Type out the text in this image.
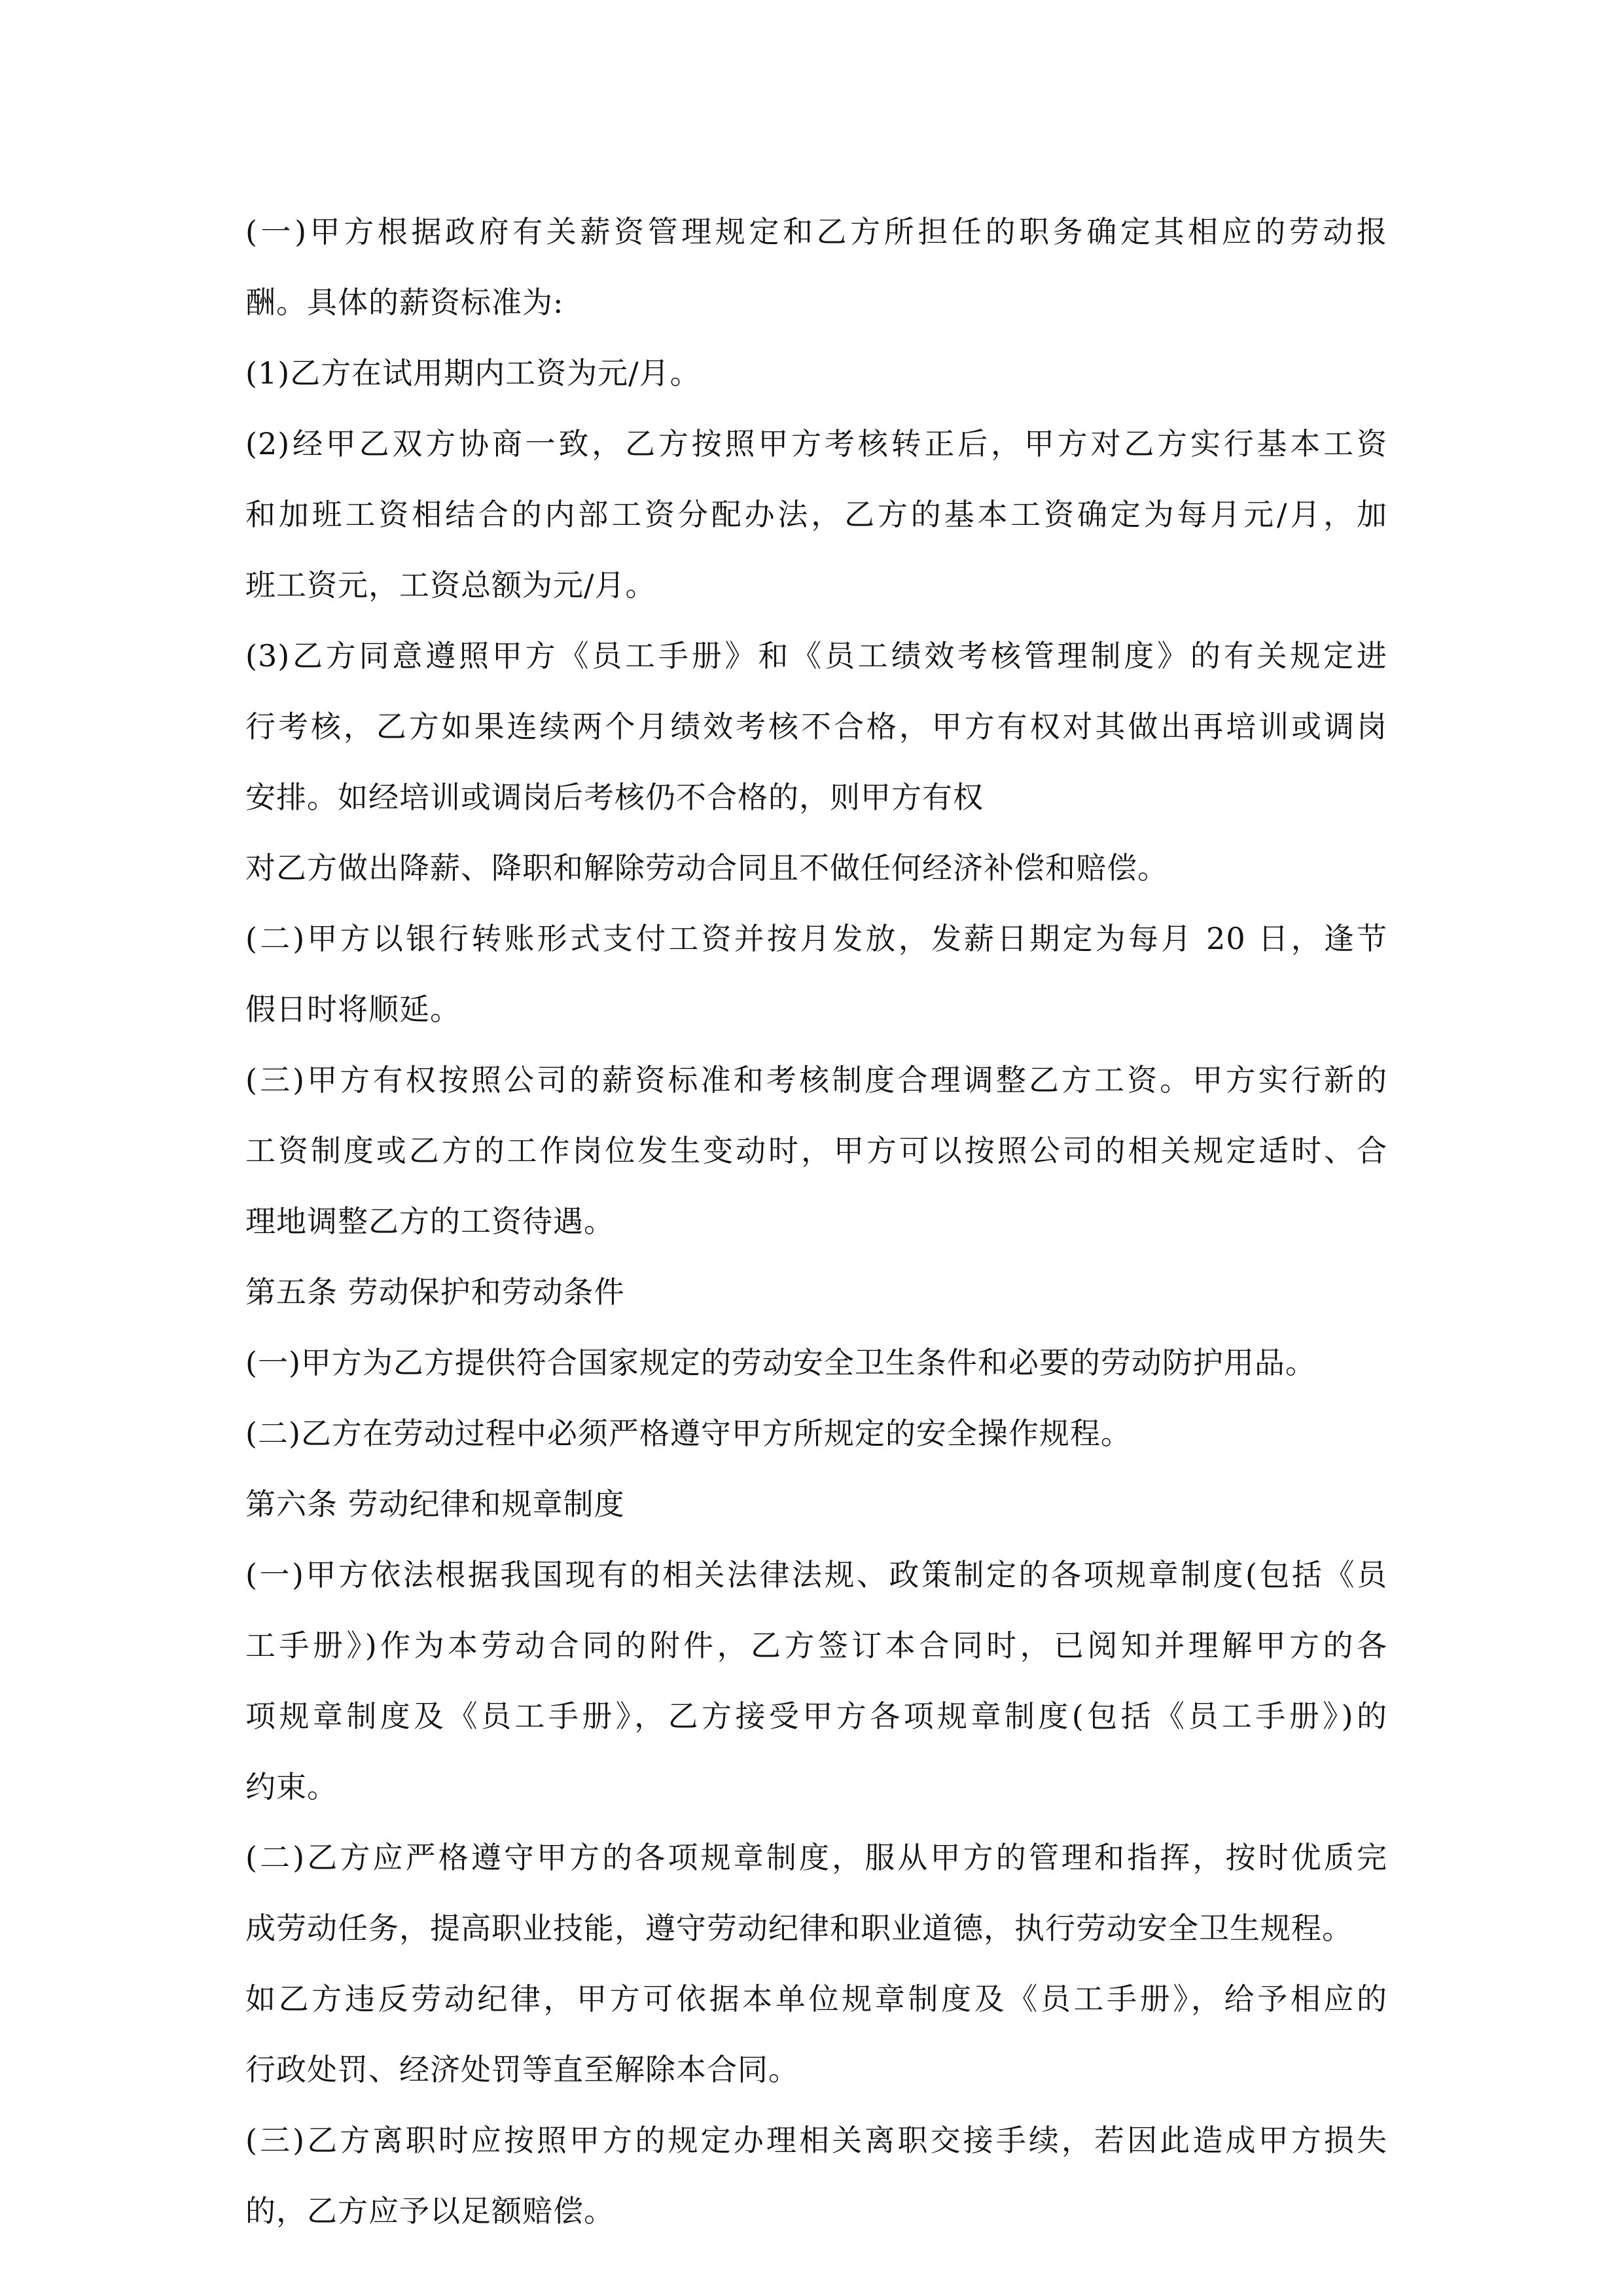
(一)甲方根据政府有关薪资管理规定和乙方所担任的职务确定其相应的劳动报
酬。具体的薪资标准为:
(1)乙方在试用期内工资为元/月。
(2)经甲乙双方协商一致，乙方按照甲方考核转正后，甲方对乙方实行基本工资
和加班工资相结合的内部工资分配办法，乙方的基本工资确定为每月元/月，加
班工资元，工资总额为元/月。
(3)乙方同意遵照甲方《员工手册》和《员工绩效考核管理制度》的有关规定进
行考核，乙方如果连续两个月绩效考核不合格，甲方有权对其做出再培训或调岗
安排。如经培训或调岗后考核仍不合格的，则甲方有权
对乙方做出降薪、降职和解除劳动合同且不做任何经济补偿和赔偿。
(二)甲方以银行转账形式支付工资并按月发放，发薪日期定为每月 20 日，逢节
假日时将顺延。
(三)甲方有权按照公司的薪资标准和考核制度合理调整乙方工资。甲方实行新的
工资制度或乙方的工作岗位发生变动时，甲方可以按照公司的相关规定适时、合
理地调整乙方的工资待遇。
第五条 劳动保护和劳动条件
(一)甲方为乙方提供符合国家规定的劳动安全卫生条件和必要的劳动防护用品。
(二)乙方在劳动过程中必须严格遵守甲方所规定的安全操作规程。
第六条 劳动纪律和规章制度
(一)甲方依法根据我国现有的相关法律法规、政策制定的各项规章制度(包括《员
工手册》)作为本劳动合同的附件，乙方签订本合同时，已阅知并理解甲方的各
项规章制度及《员工手册》，乙方接受甲方各项规章制度(包括《员工手册》)的
约束。
(二)乙方应严格遵守甲方的各项规章制度，服从甲方的管理和指挥，按时优质完
成劳动任务，提高职业技能，遵守劳动纪律和职业道德，执行劳动安全卫生规程。
如乙方违反劳动纪律，甲方可依据本单位规章制度及《员工手册》，给予相应的
行政处罚、经济处罚等直至解除本合同。
(三)乙方离职时应按照甲方的规定办理相关离职交接手续，若因此造成甲方损失
的，乙方应予以足额赔偿。
